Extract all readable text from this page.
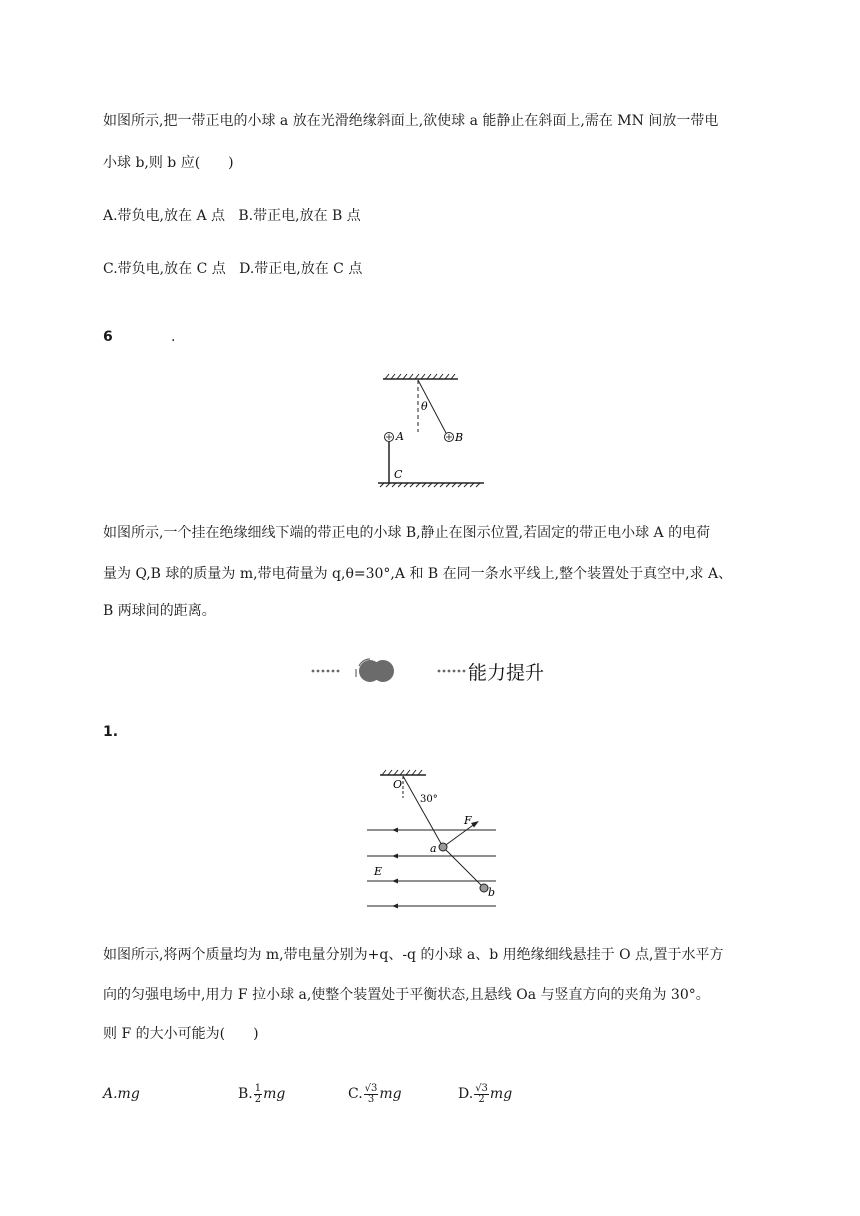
如图所示,把一带正电的小球 a 放在光滑绝缘斜面上,欲使球 a 能静止在斜面上,需在 MN 间放一带电
小球 b,则 b 应(　　)
A.带负电,放在 A 点 B.带正电,放在 B 点
C.带负电,放在 C 点 D.带正电,放在 C 点
6	.
θ
B
A
C
如图所示,一个挂在绝缘细线下端的带正电的小球 B,静止在图示位置,若固定的带正电小球 A 的电荷
量为 Q,B 球的质量为 m,带电荷量为 q,θ=30°,A 和 B 在同一条水平线上,整个装置处于真空中,求 A、
B 两球间的距离。
能力提升
1.
O
30°
E
F
a
b
如图所示,将两个质量均为 m,带电量分别为+q、-q 的小球 a、b 用绝缘细线悬挂于 O 点,置于水平方
向的匀强电场中,用力 F 拉小球 a,使整个装置处于平衡状态,且悬线 Oa 与竖直方向的夹角为 30°。
则 F 的大小可能为(　　)
A.mg	B. $\frac{1}{2}$ mg	C. $\frac{√3}{3}$ mg	D. $\frac{√3}{2}$ mg
